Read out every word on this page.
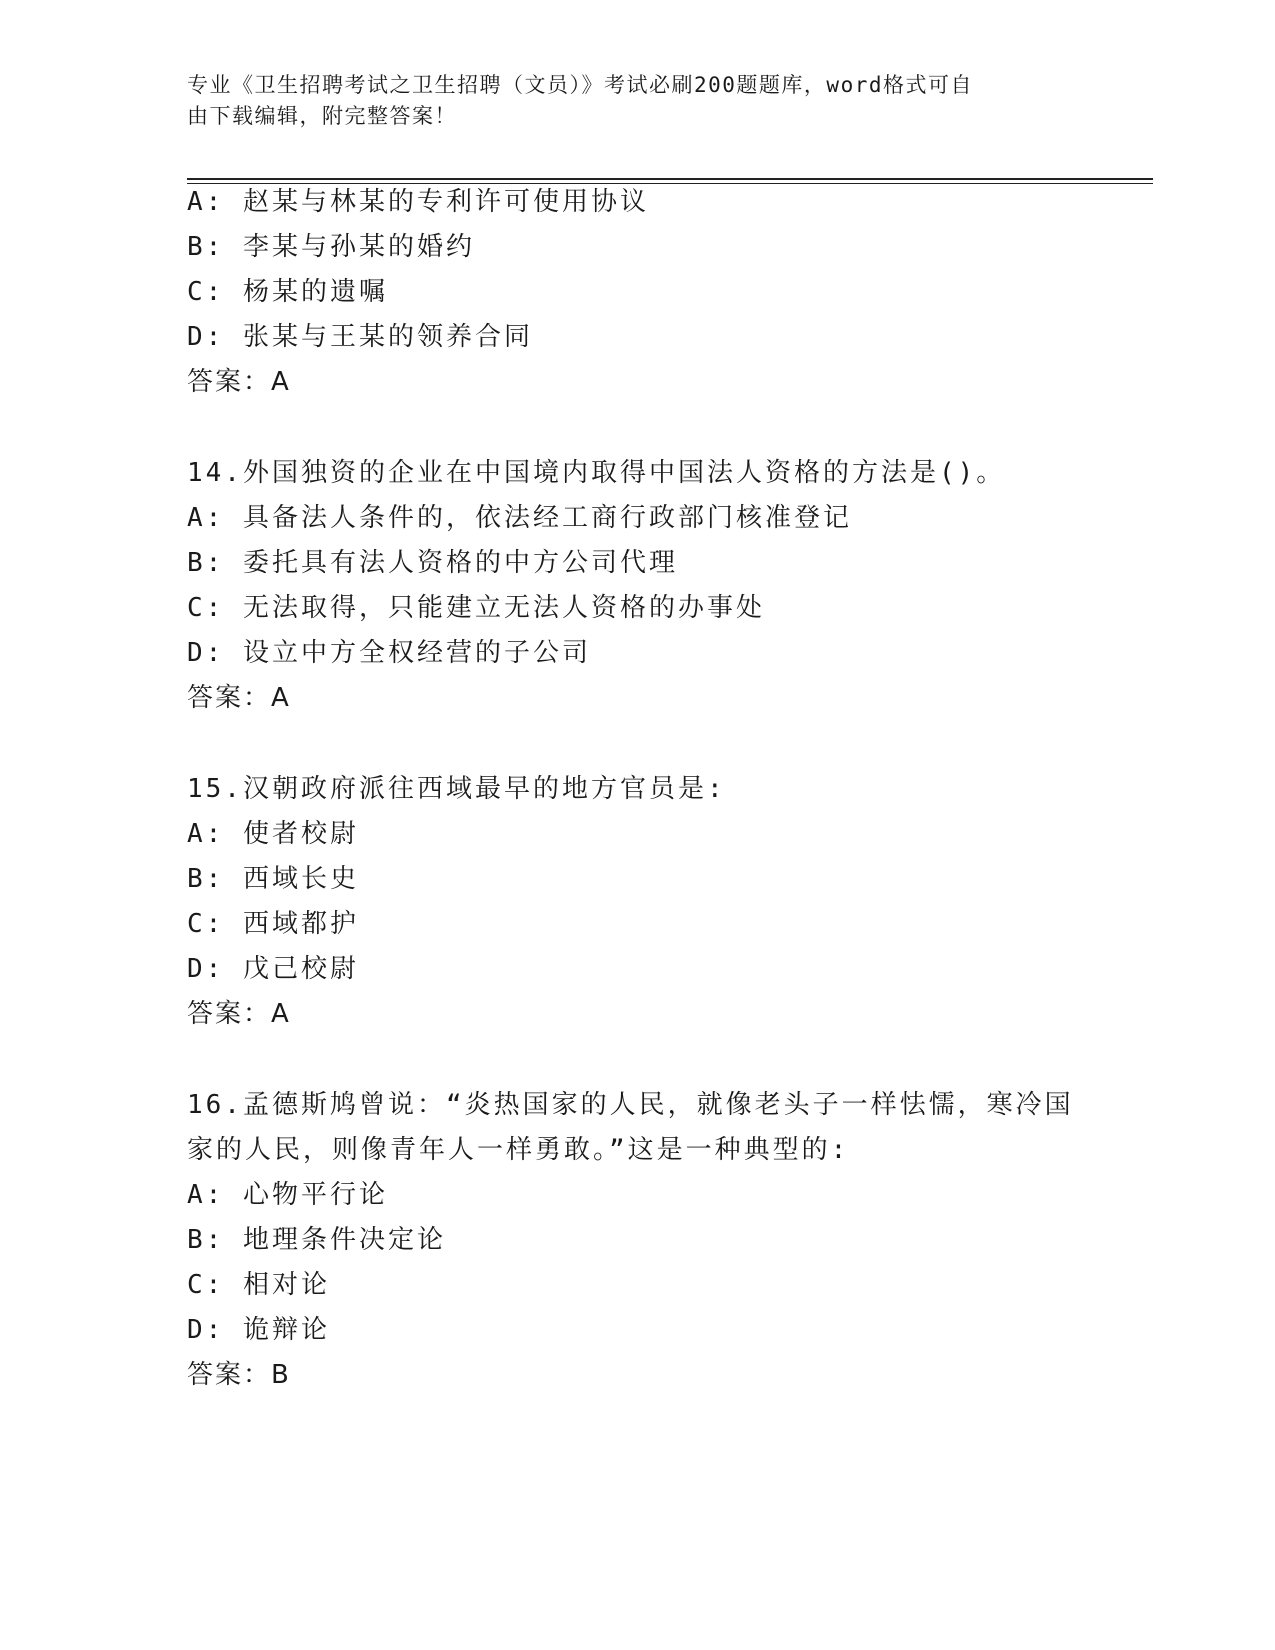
专业《卫生招聘考试之卫生招聘（文员）》考试必刷200题题库，word格式可自
由下载编辑，附完整答案！
A: 赵某与林某的专利许可使用协议
B: 李某与孙某的婚约
C: 杨某的遗嘱
D: 张某与王某的领养合同
答案：A
14.外国独资的企业在中国境内取得中国法人资格的方法是()。
A: 具备法人条件的，依法经工商行政部门核准登记
B: 委托具有法人资格的中方公司代理
C: 无法取得，只能建立无法人资格的办事处
D: 设立中方全权经营的子公司
答案：A
15.汉朝政府派往西域最早的地方官员是:
A: 使者校尉
B: 西域长史
C: 西域都护
D: 戊己校尉
答案：A
16.孟德斯鸠曾说：“炎热国家的人民，就像老头子一样怯懦，寒冷国
家的人民，则像青年人一样勇敢。”这是一种典型的:
A: 心物平行论
B: 地理条件决定论
C: 相对论
D: 诡辩论
答案：B
